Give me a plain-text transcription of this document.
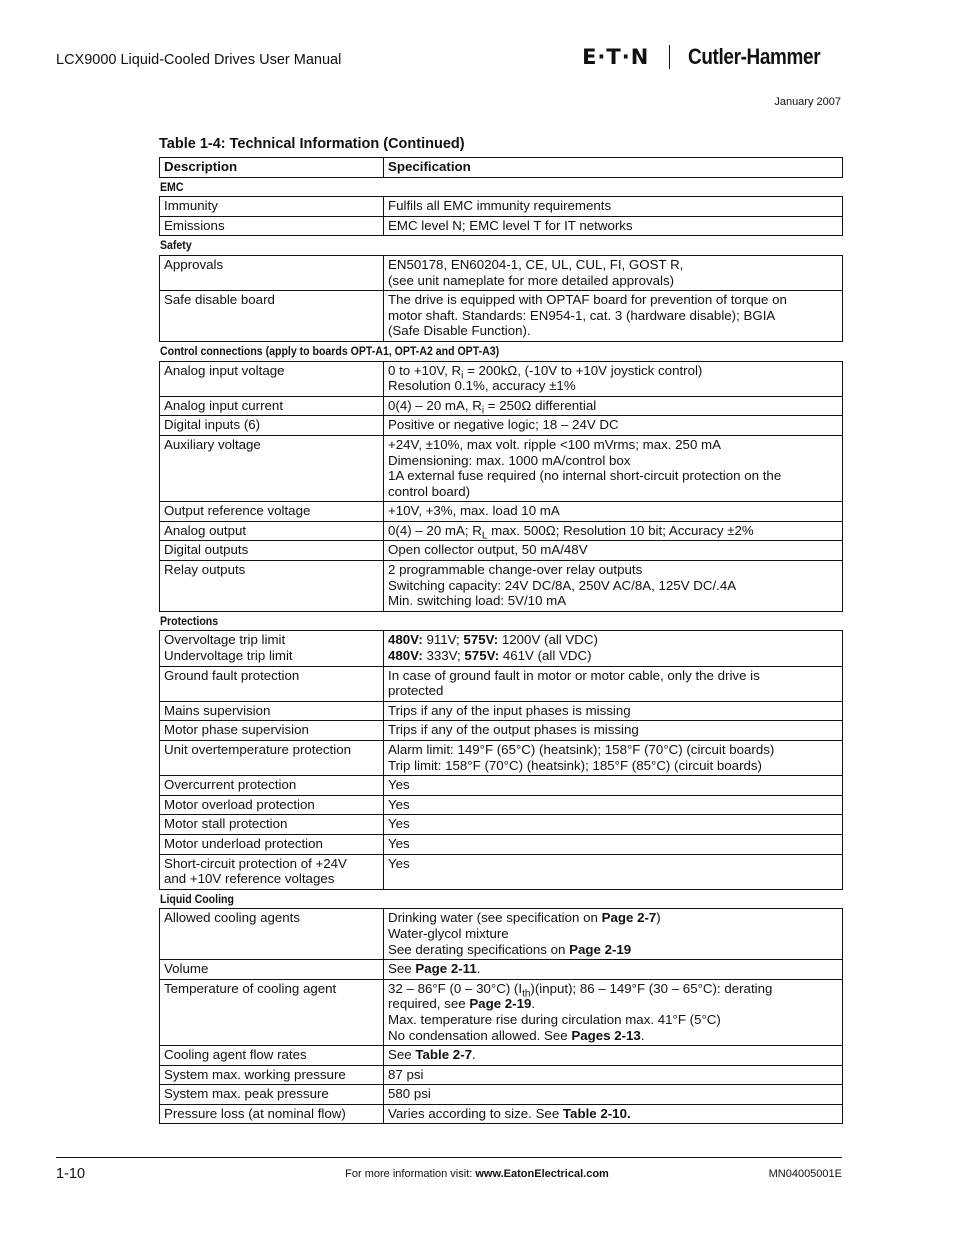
LCX9000 Liquid-Cooled Drives User Manual	E·T·N Cutler-Hammer
January 2007
Table 1-4: Technical Information (Continued)
Description	Specification
EMC	

Immunity	Fulfils all EMC immunity requirements

Emissions	EMC level N; EMC level T for IT networks

Safety	

Approvals	EN50178, EN60204-1, CE, UL, CUL, FI, GOST R,
(see unit nameplate for more detailed approvals)

Safe disable board	The drive is equipped with OPTAF board for prevention of torque on
motor shaft. Standards: EN954-1, cat. 3 (hardware disable); BGIA
(Safe Disable Function).

Control connections (apply to boards OPT-A1, OPT-A2 and OPT-A3)	

Analog input voltage	0 to +10V, $R_i = 200k\Omega$, (-10V to +10V joystick control)
Resolution 0.1%, accuracy ±1%

Analog input current	0(4) – 20 mA, $R_i = 250\Omega$ differential

Digital inputs (6)	Positive or negative logic; 18 – 24V DC

Auxiliary voltage	+24V, ±10%, max volt. ripple <100 mVrms; max. 250 mA
Dimensioning: max. 1000 mA/control box
1A external fuse required (no internal short-circuit protection on the
control board)

Output reference voltage	+10V, +3%, max. load 10 mA

Analog output	0(4) – 20 mA; $R_L$ max. 500Ω; Resolution 10 bit; Accuracy ±2%

Digital outputs	Open collector output, 50 mA/48V

Relay outputs	2 programmable change-over relay outputs
Switching capacity: 24V DC/8A, 250V AC/8A, 125V DC/.4A
Min. switching load: 5V/10 mA

Protections	

Overvoltage trip limit
Undervoltage trip limit	480V: 911V; 575V: 1200V (all VDC)
480V: 333V; 575V: 461V (all VDC)

Ground fault protection	In case of ground fault in motor or motor cable, only the drive is
protected

Mains supervision	Trips if any of the input phases is missing

Motor phase supervision	Trips if any of the output phases is missing

Unit overtemperature protection	Alarm limit: 149°F (65°C) (heatsink); 158°F (70°C) (circuit boards)
Trip limit: 158°F (70°C) (heatsink); 185°F (85°C) (circuit boards)

Overcurrent protection	Yes

Motor overload protection	Yes

Motor stall protection	Yes

Motor underload protection	Yes

Short-circuit protection of +24V
and +10V reference voltages	Yes

Liquid Cooling	

Allowed cooling agents	Drinking water (see specification on Page 2-7)
Water-glycol mixture
See derating specifications on Page 2-19

Volume	See Page 2-11.

Temperature of cooling agent	32 – 86°F (0 – 30°C) $(I_{th})(input)$; 86 – 149°F (30 – 65°C): derating
required, see Page 2-19.
Max. temperature rise during circulation max. 41°F (5°C)
No condensation allowed. See Pages 2-13.

Cooling agent flow rates	See Table 2-7.

System max. working pressure	87 psi

System max. peak pressure	580 psi

Pressure loss (at nominal flow)	Varies according to size. See Table 2-10.
1-10	For more information visit: www.EatonElectrical.com	MN04005001E
